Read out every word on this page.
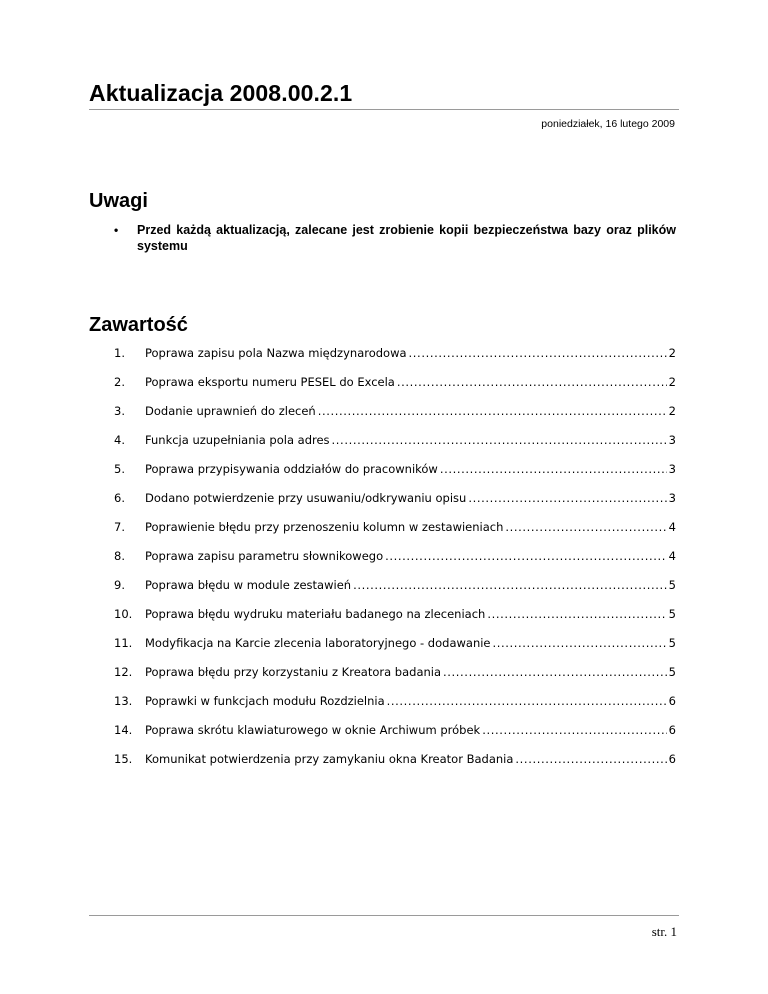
Aktualizacja 2008.00.2.1
poniedziałek, 16 lutego 2009
Uwagi
• Przed każdą aktualizacją, zalecane jest zrobienie kopii bezpieczeństwa bazy oraz plików systemu
Zawartość
1.	Poprawa zapisu pola Nazwa międzynarodowa .....	2
2.	Poprawa eksportu numeru PESEL do Excela .....	2
3.	Dodanie uprawnień do zleceń .....	2
4.	Funkcja uzupełniania pola adres .....	3
5.	Poprawa przypisywania oddziałów do pracowników .....	3
6.	Dodano potwierdzenie przy usuwaniu/odkrywaniu opisu .....	3
7.	Poprawienie błędu przy przenoszeniu kolumn w zestawieniach .....	4
8.	Poprawa zapisu parametru słownikowego .....	4
9.	Poprawa błędu w module zestawień .....	5
10.	Poprawa błędu wydruku materiału badanego na zleceniach .....	5
11.	Modyfikacja na Karcie zlecenia laboratoryjnego - dodawanie .....	5
12.	Poprawa błędu przy korzystaniu z Kreatora badania .....	5
13.	Poprawki w funkcjach modułu Rozdzielnia .....	6
14.	Poprawa skrótu klawiaturowego w oknie Archiwum próbek .....	6
15.	Komunikat potwierdzenia przy zamykaniu okna Kreator Badania .....	6
str. 1
